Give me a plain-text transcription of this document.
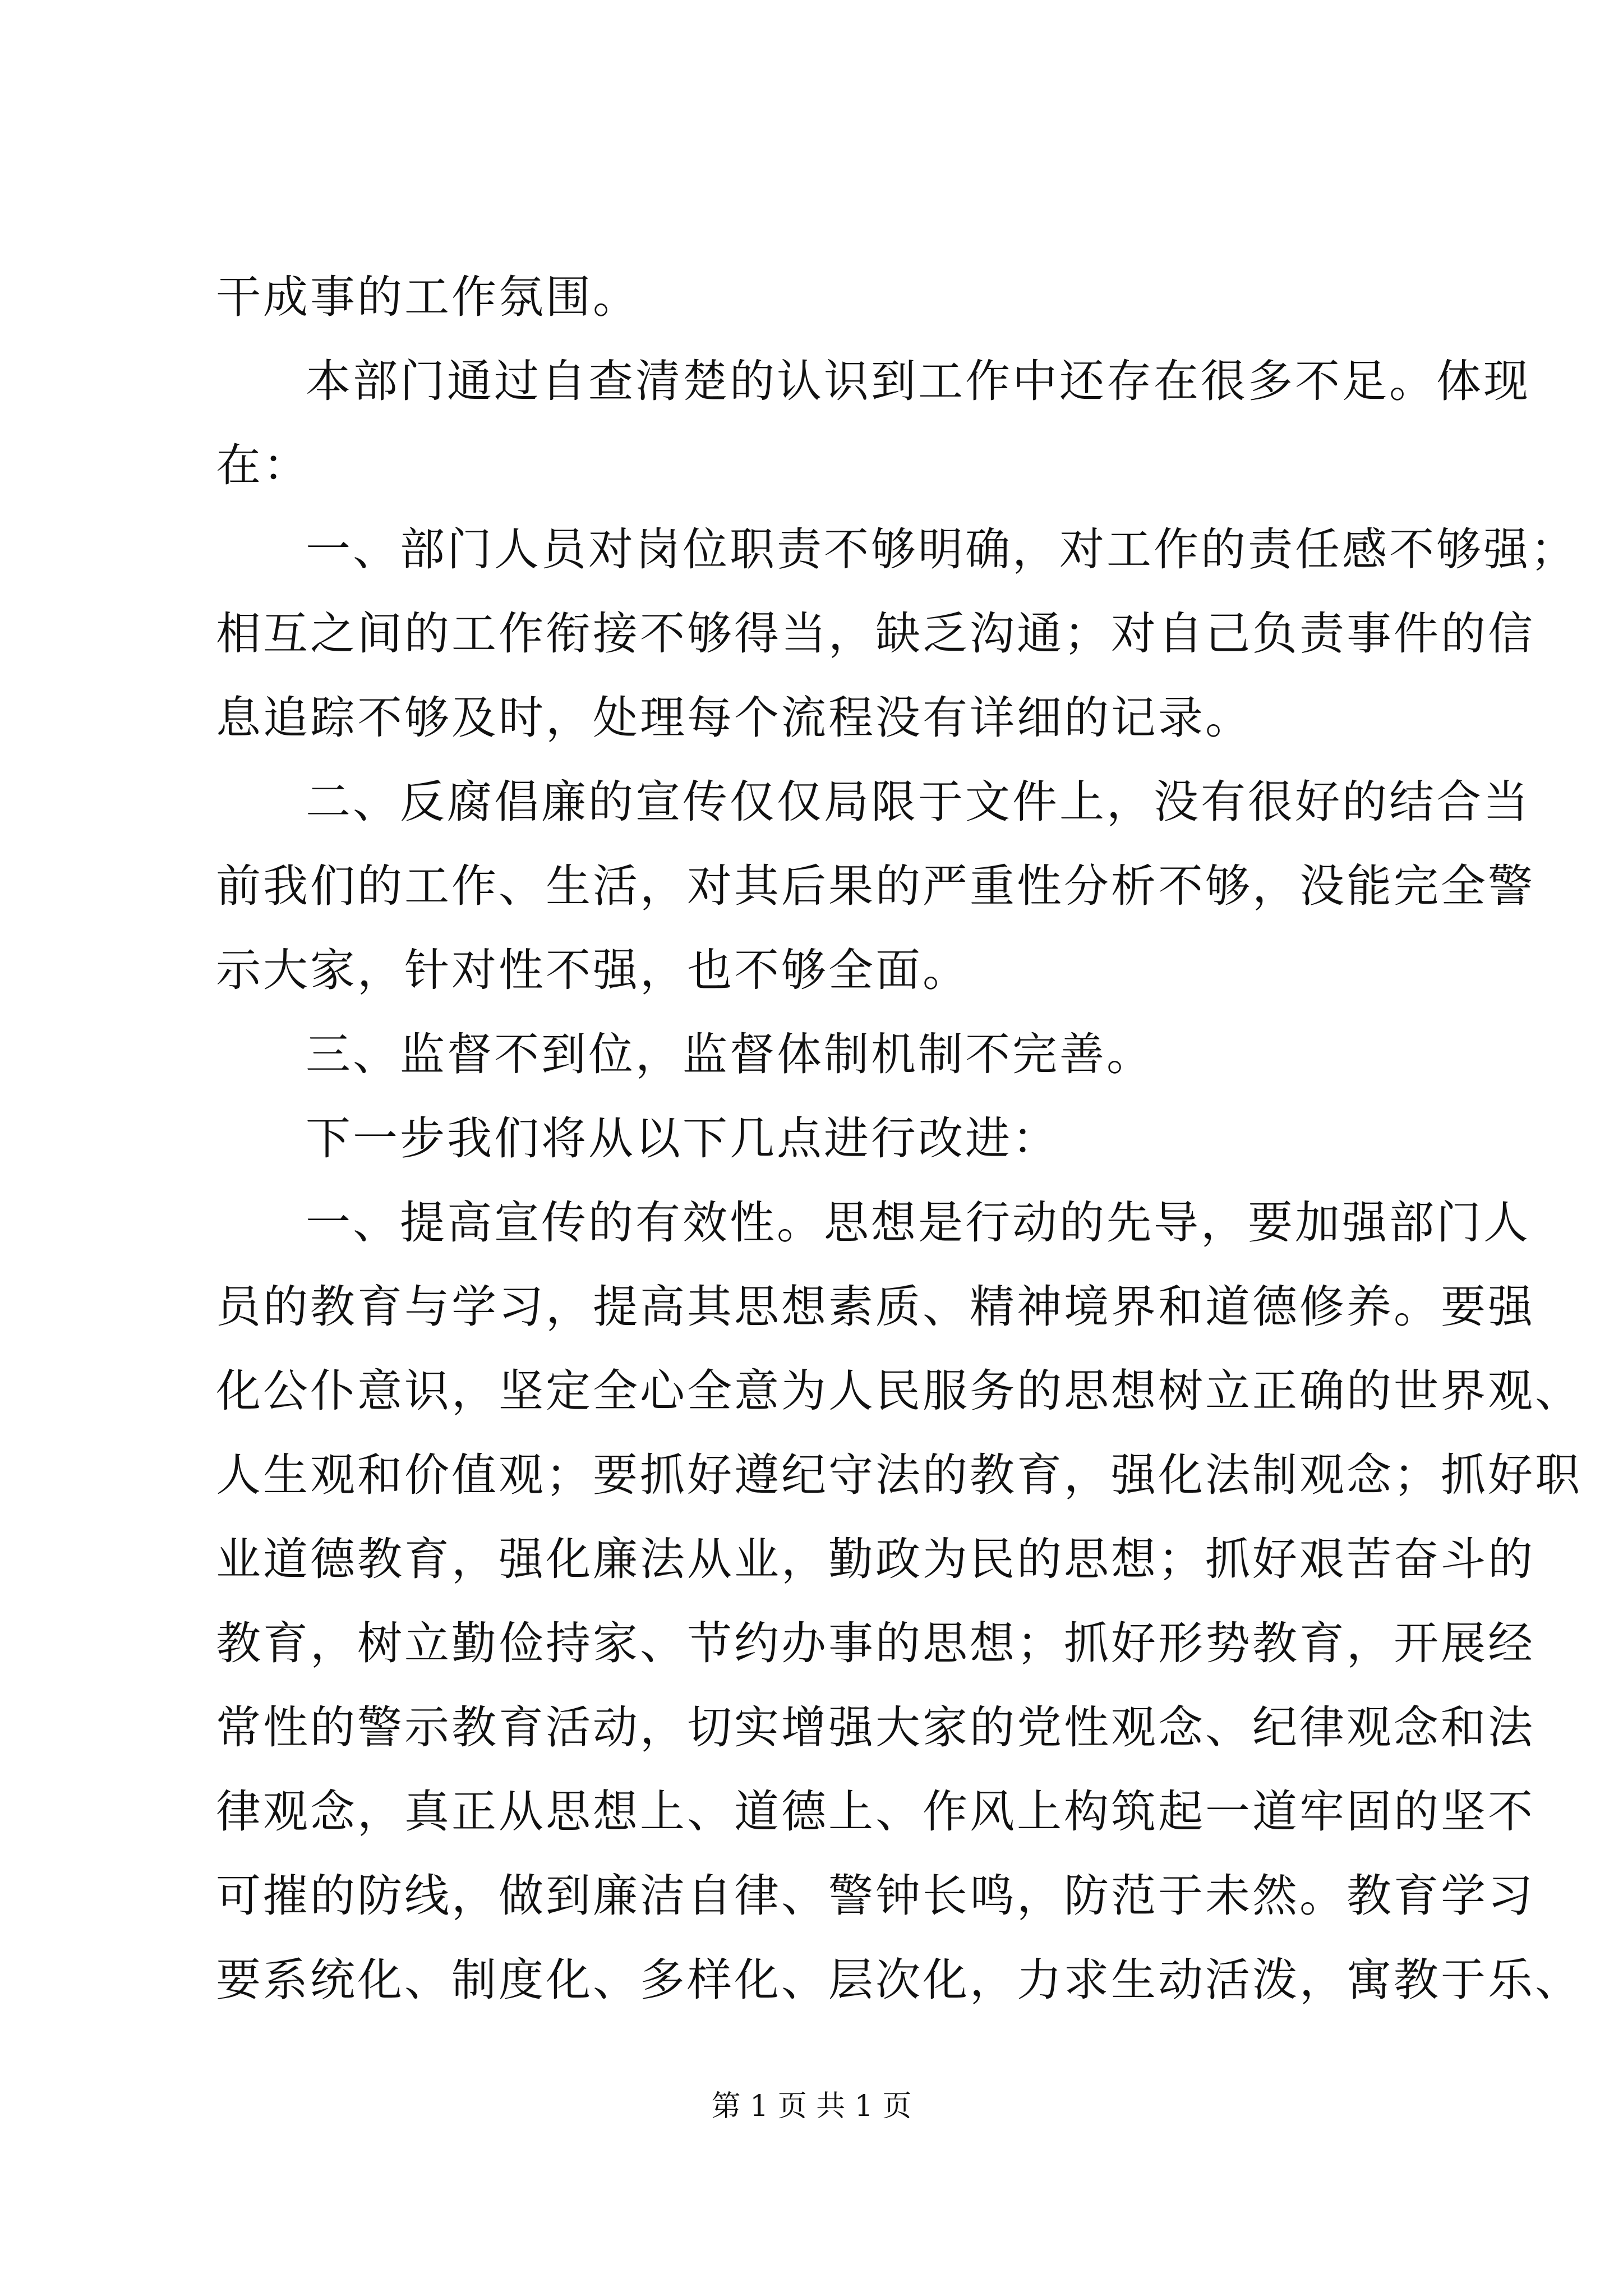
干成事的工作氛围。
本部门通过自查清楚的认识到工作中还存在很多不足。体现
在：
一、部门人员对岗位职责不够明确，对工作的责任感不够强；
相互之间的工作衔接不够得当，缺乏沟通；对自己负责事件的信
息追踪不够及时，处理每个流程没有详细的记录。
二、反腐倡廉的宣传仅仅局限于文件上，没有很好的结合当
前我们的工作、生活，对其后果的严重性分析不够，没能完全警
示大家，针对性不强，也不够全面。
三、监督不到位，监督体制机制不完善。
下一步我们将从以下几点进行改进：
一、提高宣传的有效性。思想是行动的先导，要加强部门人
员的教育与学习，提高其思想素质、精神境界和道德修养。要强
化公仆意识，坚定全心全意为人民服务的思想树立正确的世界观、
人生观和价值观；要抓好遵纪守法的教育，强化法制观念；抓好职
业道德教育，强化廉法从业，勤政为民的思想；抓好艰苦奋斗的
教育，树立勤俭持家、节约办事的思想；抓好形势教育，开展经
常性的警示教育活动，切实增强大家的党性观念、纪律观念和法
律观念，真正从思想上、道德上、作风上构筑起一道牢固的坚不
可摧的防线，做到廉洁自律、警钟长鸣，防范于未然。教育学习
要系统化、制度化、多样化、层次化，力求生动活泼，寓教于乐、
第 1 页 共 1 页
